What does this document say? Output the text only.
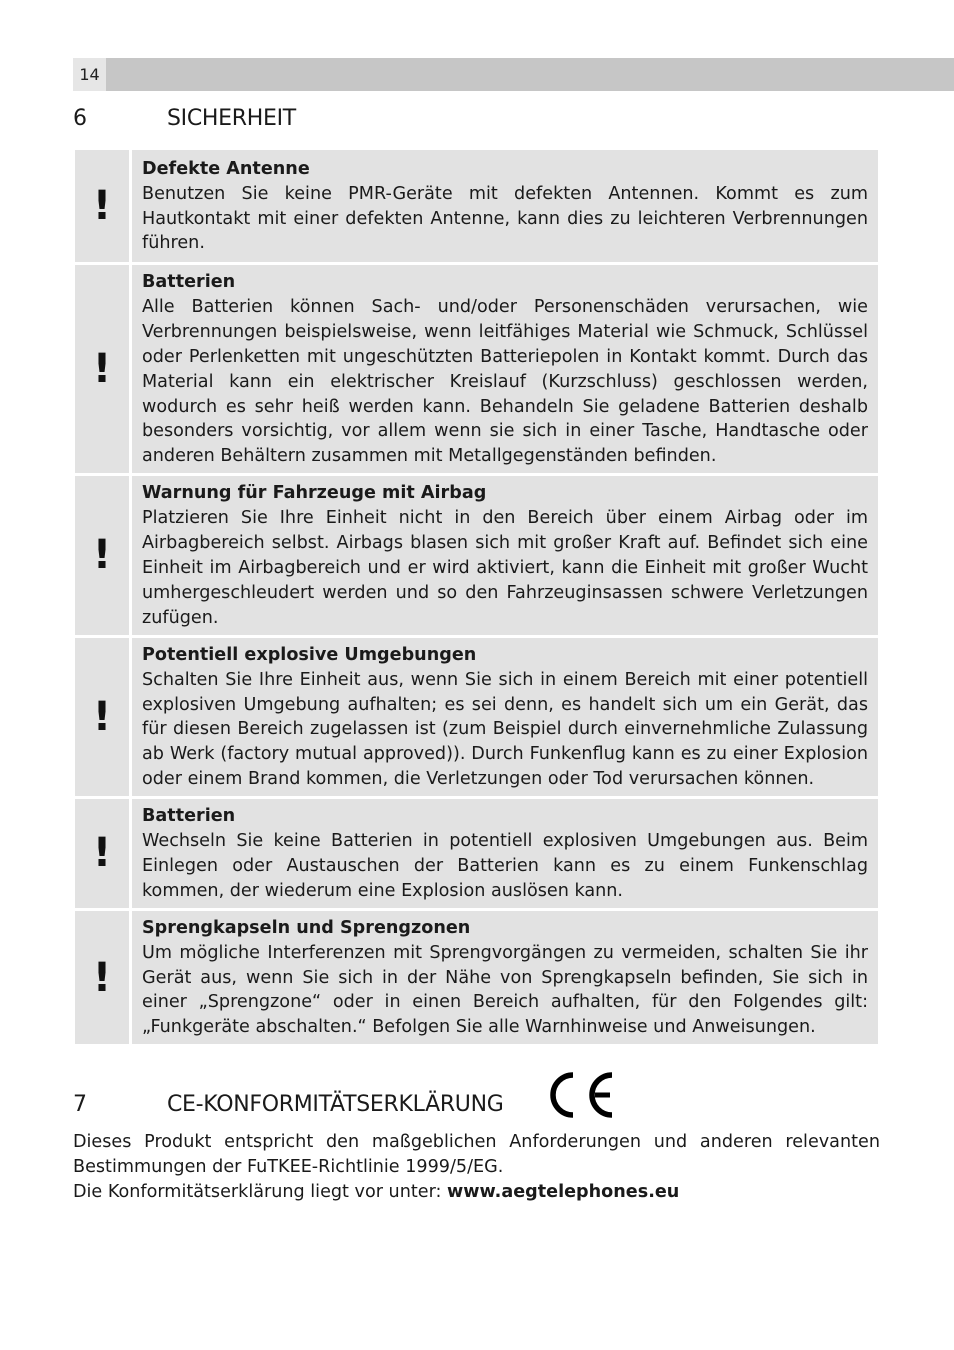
14
6	SICHERHEIT
!	Defekte Antenne
Benutzen Sie keine PMR-Geräte mit defekten Antennen. Kommt es zum Hautkontakt mit einer defekten Antenne, kann dies zu leichteren Verbrennungen führen.
!	Batterien
Alle Batterien können Sach- und/oder Personenschäden verursachen, wie Verbrennungen beispielsweise, wenn leitfähiges Material wie Schmuck, Schlüssel oder Perlenketten mit ungeschützten Batteriepolen in Kontakt kommt. Durch das Material kann ein elektrischer Kreislauf (Kurzschluss) geschlossen werden, wodurch es sehr heiß werden kann. Behandeln Sie geladene Batterien deshalb besonders vorsichtig, vor allem wenn sie sich in einer Tasche, Handtasche oder anderen Behältern zusammen mit Metallgegenständen befinden.
!	Warnung für Fahrzeuge mit Airbag
Platzieren Sie Ihre Einheit nicht in den Bereich über einem Airbag oder im Airbagbereich selbst. Airbags blasen sich mit großer Kraft auf. Befindet sich eine Einheit im Airbagbereich und er wird aktiviert, kann die Einheit mit großer Wucht umhergeschleudert werden und so den Fahrzeuginsassen schwere Verletzungen zufügen.
!	Potentiell explosive Umgebungen
Schalten Sie Ihre Einheit aus, wenn Sie sich in einem Bereich mit einer potentiell explosiven Umgebung aufhalten; es sei denn, es handelt sich um ein Gerät, das für diesen Bereich zugelassen ist (zum Beispiel durch einvernehmliche Zulassung ab Werk (factory mutual approved)). Durch Funkenflug kann es zu einer Explosion oder einem Brand kommen, die Verletzungen oder Tod verursachen können.
!	Batterien
Wechseln Sie keine Batterien in potentiell explosiven Umgebungen aus. Beim Einlegen oder Austauschen der Batterien kann es zu einem Funkenschlag kommen, der wiederum eine Explosion auslösen kann.
!	Sprengkapseln und Sprengzonen
Um mögliche Interferenzen mit Sprengvorgängen zu vermeiden, schalten Sie ihr Gerät aus, wenn Sie sich in der Nähe von Sprengkapseln befinden, Sie sich in einer „Sprengzone“ oder in einen Bereich aufhalten, für den Folgendes gilt: „Funkgeräte abschalten.“ Befolgen Sie alle Warnhinweise und Anweisungen.
7	CE-KONFORMITÄTSERKLÄRUNG
Dieses Produkt entspricht den maßgeblichen Anforderungen und anderen relevanten Bestimmungen der FuTKEE-Richtlinie 1999/5/EG.
Die Konformitätserklärung liegt vor unter: www.aegtelephones.eu
